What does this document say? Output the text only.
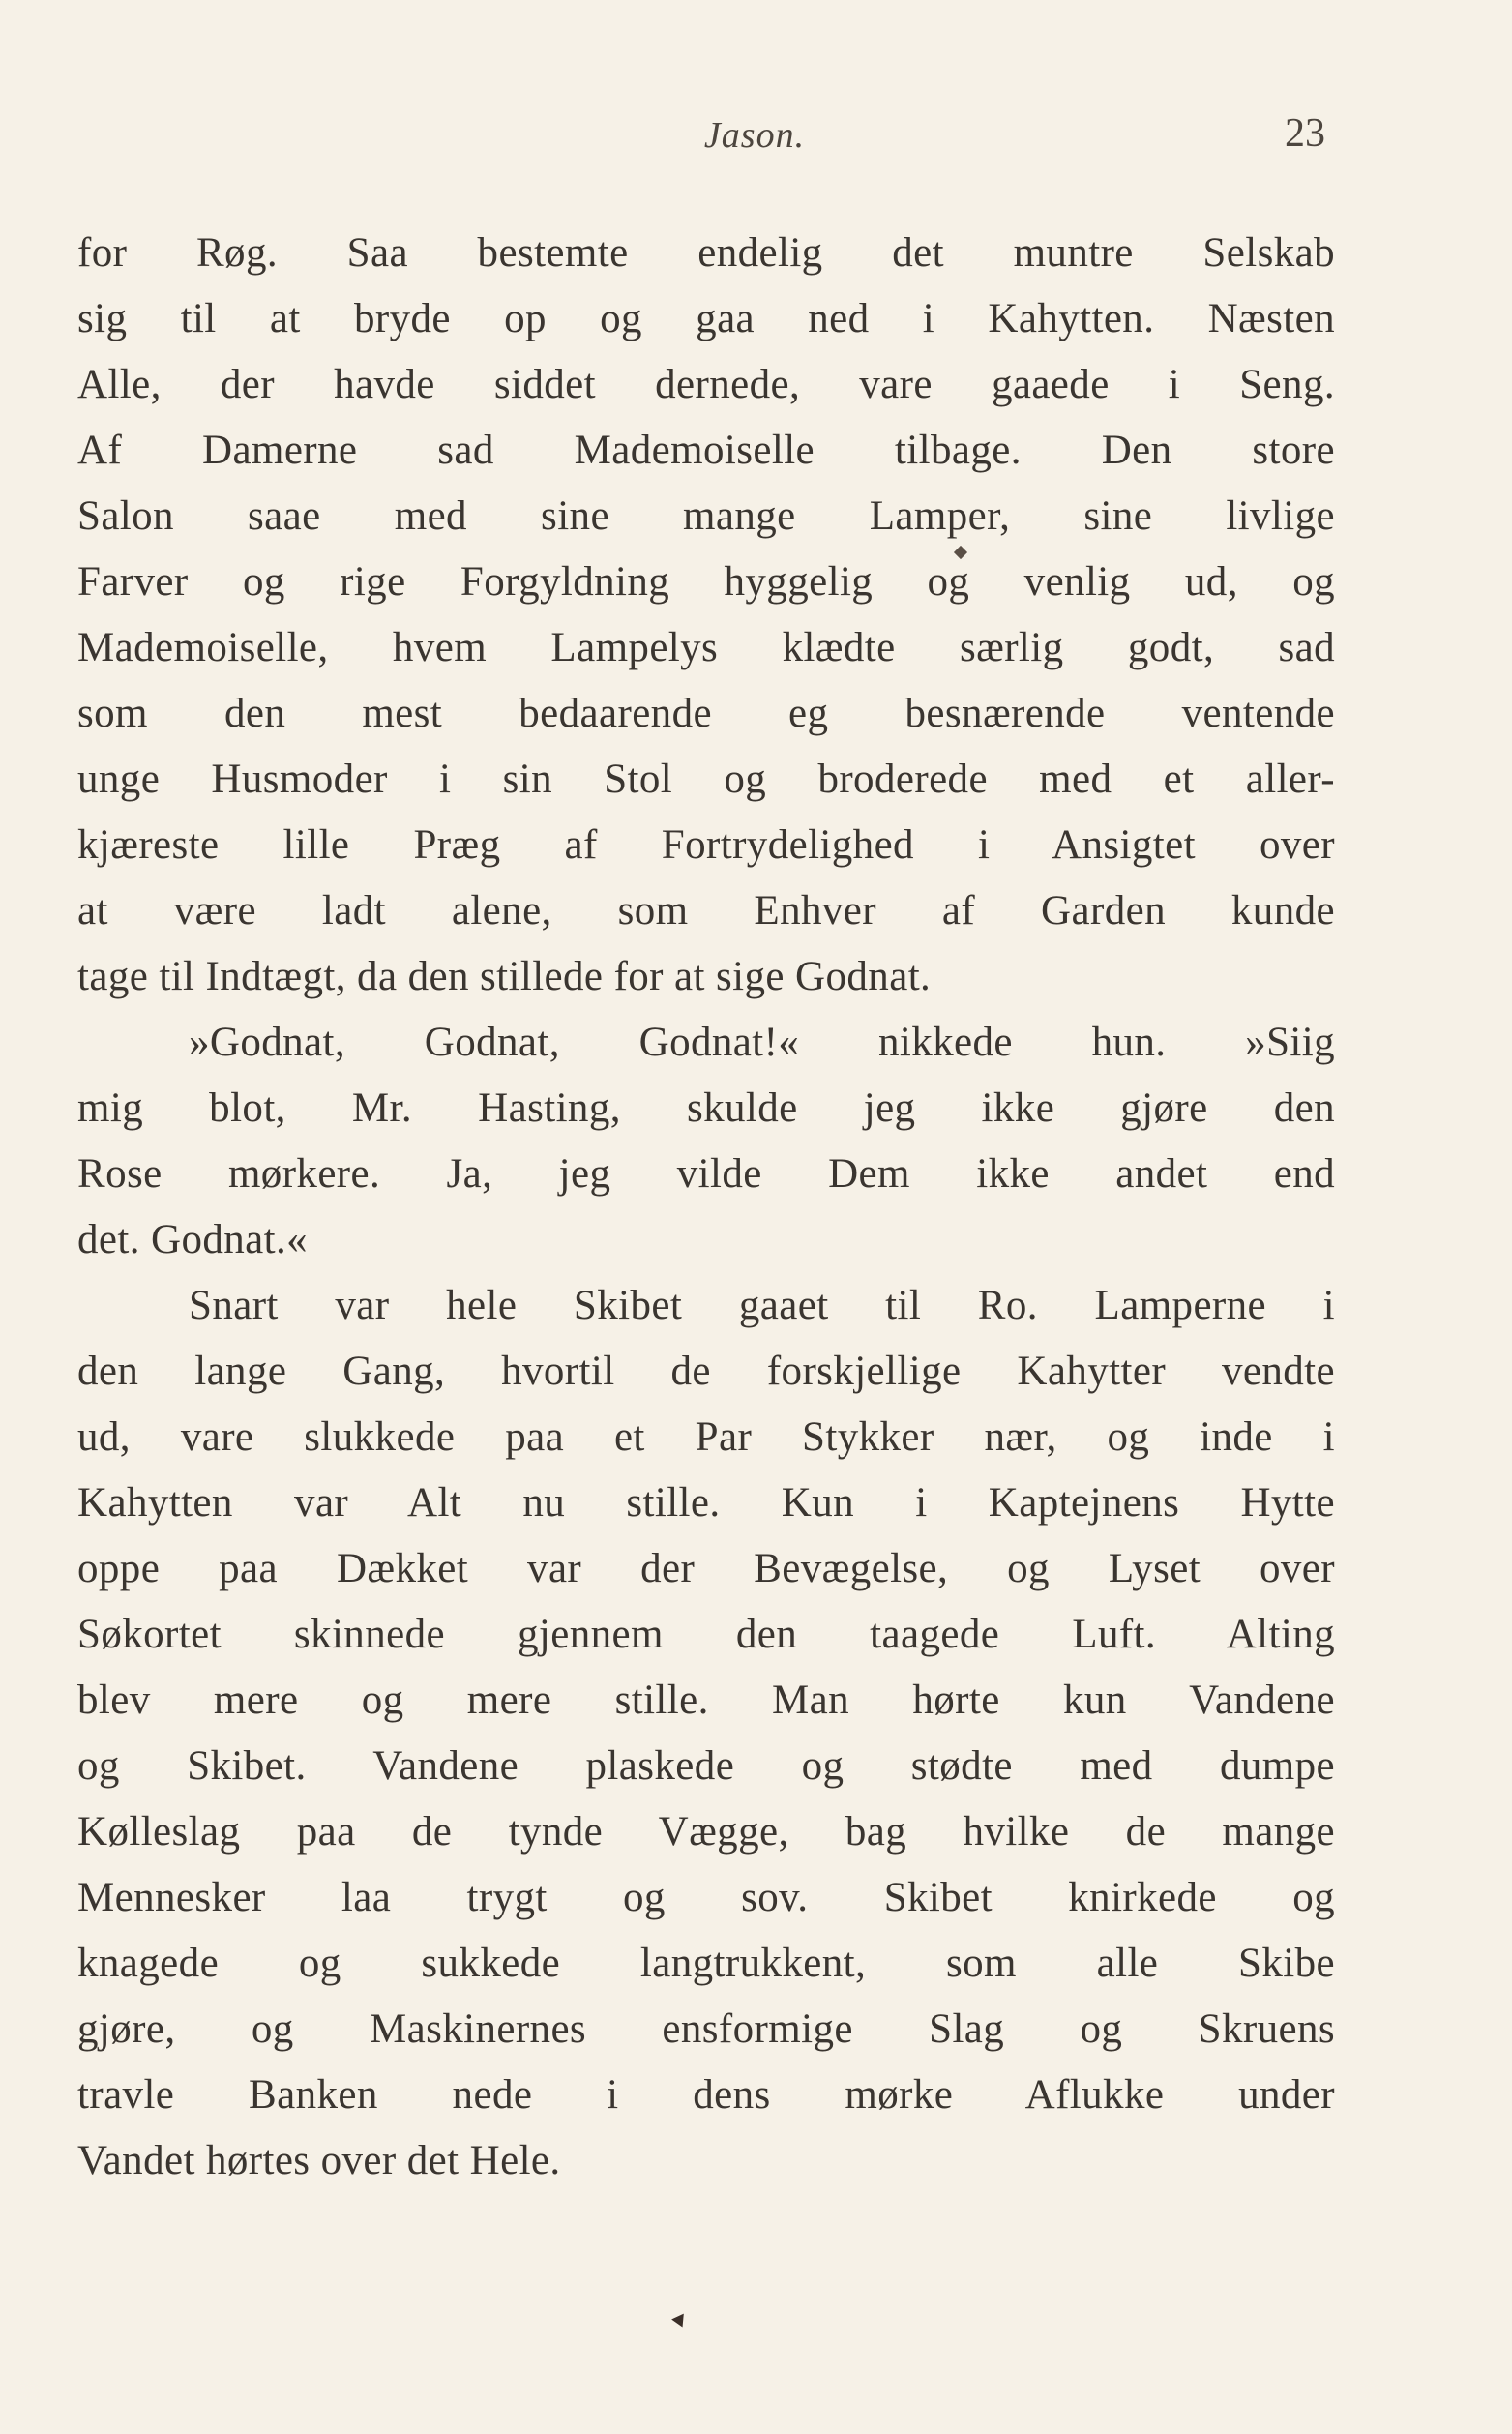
Jason.	23
for Røg. Saa bestemte endelig det muntre Selskab
sig til at bryde op og gaa ned i Kahytten. Næsten
Alle, der havde siddet dernede, vare gaaede i Seng.
Af Damerne sad Mademoiselle tilbage. Den store
Salon saae med sine mange Lamper, sine livlige
Farver og rige Forgyldning hyggelig og venlig ud, og
Mademoiselle, hvem Lampelys klædte særlig godt, sad
som den mest bedaarende eg besnærende ventende
unge Husmoder i sin Stol og broderede med et aller-
kjæreste lille Præg af Fortrydelighed i Ansigtet over
at være ladt alene, som Enhver af Garden kunde
tage til Indtægt, da den stillede for at sige Godnat.
»Godnat, Godnat, Godnat!« nikkede hun. »Siig
mig blot, Mr. Hasting, skulde jeg ikke gjøre den
Rose mørkere. Ja, jeg vilde Dem ikke andet end
det. Godnat.«
Snart var hele Skibet gaaet til Ro. Lamperne i
den lange Gang, hvortil de forskjellige Kahytter vendte
ud, vare slukkede paa et Par Stykker nær, og inde i
Kahytten var Alt nu stille. Kun i Kaptejnens Hytte
oppe paa Dækket var der Bevægelse, og Lyset over
Søkortet skinnede gjennem den taagede Luft. Alting
blev mere og mere stille. Man hørte kun Vandene
og Skibet. Vandene plaskede og stødte med dumpe
Kølleslag paa de tynde Vægge, bag hvilke de mange
Mennesker laa trygt og sov. Skibet knirkede og
knagede og sukkede langtrukkent, som alle Skibe
gjøre, og Maskinernes ensformige Slag og Skruens
travle Banken nede i dens mørke Aflukke under
Vandet hørtes over det Hele.
